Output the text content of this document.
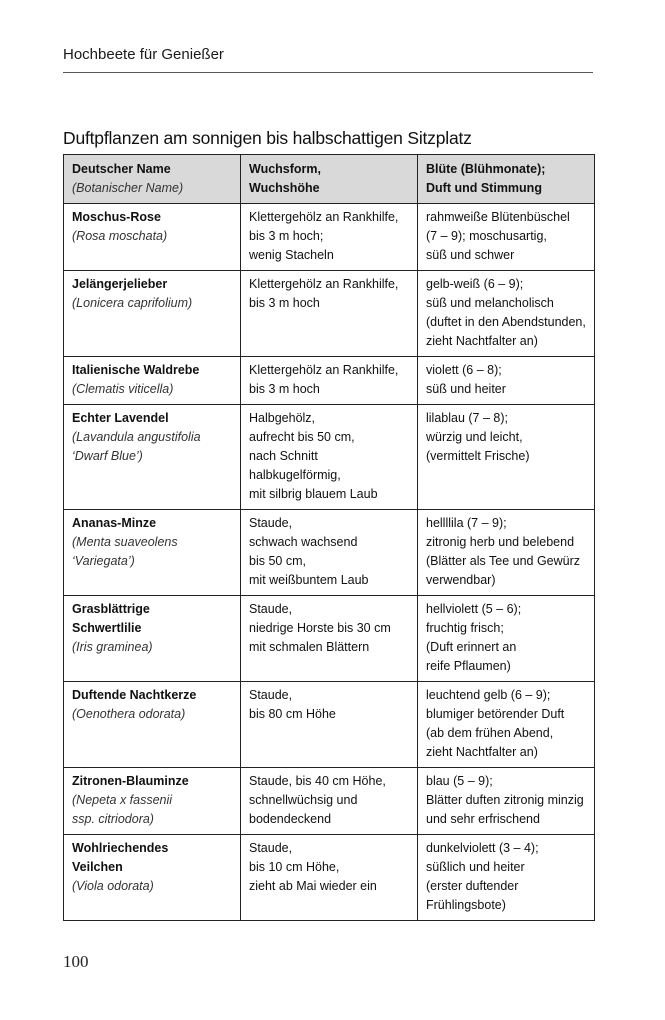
Hochbeete für Genießer
Duftpflanzen am sonnigen bis halbschattigen Sitzplatz
Deutscher Name
(Botanischer Name)	Wuchsform,
Wuchshöhe	Blüte (Blühmonate);
Duft und Stimmung

Moschus-Rose
(Rosa moschata)	Klettergehölz an Rankhilfe,
bis 3 m hoch;
wenig Stacheln	rahmweiße Blütenbüschel
(7 – 9); moschusartig,
süß und schwer

Jelängerjelieber
(Lonicera caprifolium)	Klettergehölz an Rankhilfe,
bis 3 m hoch	gelb-weiß (6 – 9);
süß und melancholisch
(duftet in den Abendstunden,
zieht Nachtfalter an)

Italienische Waldrebe
(Clematis viticella)	Klettergehölz an Rankhilfe,
bis 3 m hoch	violett (6 – 8);
süß und heiter

Echter Lavendel
(Lavandula angustifolia
‘Dwarf Blue’)	Halbgehölz,
aufrecht bis 50 cm,
nach Schnitt
halbkugelförmig,
mit silbrig blauem Laub	lilablau (7 – 8);
würzig und leicht,
(vermittelt Frische)

Ananas-Minze
(Menta suaveolens
‘Variegata’)	Staude,
schwach wachsend
bis 50 cm,
mit weißbuntem Laub	hellllila (7 – 9);
zitronig herb und belebend
(Blätter als Tee und Gewürz
verwendbar)

Grasblättrige
Schwertlilie
(Iris graminea)	Staude,
niedrige Horste bis 30 cm
mit schmalen Blättern	hellviolett (5 – 6);
fruchtig frisch;
(Duft erinnert an
reife Pflaumen)

Duftende Nachtkerze
(Oenothera odorata)	Staude,
bis 80 cm Höhe	leuchtend gelb (6 – 9);
blumiger betörender Duft
(ab dem frühen Abend,
zieht Nachtfalter an)

Zitronen-Blauminze
(Nepeta x fassenii
ssp. citriodora)	Staude, bis 40 cm Höhe,
schnellwüchsig und
bodendeckend	blau (5 – 9);
Blätter duften zitronig minzig
und sehr erfrischend

Wohlriechendes
Veilchen
(Viola odorata)	Staude,
bis 10 cm Höhe,
zieht ab Mai wieder ein	dunkelviolett (3 – 4);
süßlich und heiter
(erster duftender
Frühlingsbote)
100
